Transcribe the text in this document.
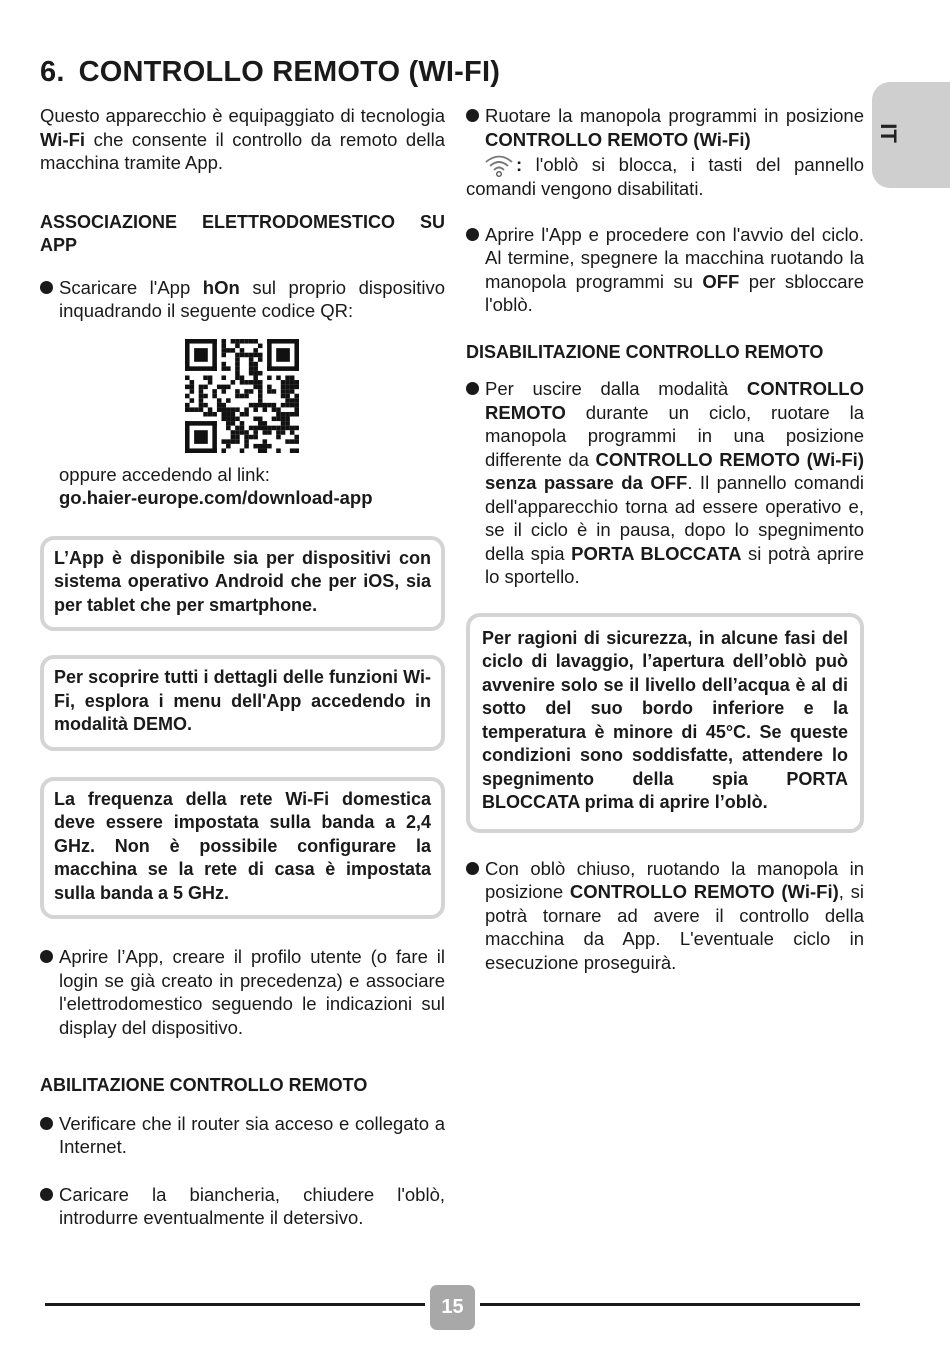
6. CONTROLLO REMOTO (WI-FI)
IT

Questo apparecchio è equipaggiato di tecnologia Wi-Fi che consente il controllo da remoto della macchina tramite App.

ASSOCIAZIONE ELETTRODOMESTICO SU APP

Scaricare l'App hOn sul proprio dispositivo inquadrando il seguente codice QR:

oppure accedendo al link:

go.haier-europe.com/download-app

L’App è disponibile sia per dispositivi con sistema operativo Android che per iOS, sia per tablet che per smartphone.
Per scoprire tutti i dettagli delle funzioni Wi-Fi, esplora i menu dell'App accedendo in modalità DEMO.
La frequenza della rete Wi-Fi domestica deve essere impostata sulla banda a 2,4 GHz. Non è possibile configurare la macchina se la rete di casa è impostata sulla banda a 5 GHz.
Aprire l’App, creare il profilo utente (o fare il login se già creato in precedenza) e associare l'elettrodomestico seguendo le indicazioni sul display del dispositivo.

ABILITAZIONE CONTROLLO REMOTO

Verificare che il router sia acceso e collegato a Internet.
Caricare la biancheria, chiudere l'oblò, introdurre eventualmente il detersivo.
Ruotare la manopola programmi in posizione CONTROLLO REMOTO (Wi-Fi)

: l'oblò si blocca, i tasti del pannello comandi vengono disabilitati.

Aprire l'App e procedere con l'avvio del ciclo. Al termine, spegnere la macchina ruotando la manopola programmi su OFF per sbloccare l'oblò.

DISABILITAZIONE CONTROLLO REMOTO

Per uscire dalla modalità CONTROLLO REMOTO durante un ciclo, ruotare la manopola programmi in una posizione differente da CONTROLLO REMOTO (Wi-Fi) senza passare da OFF. Il pannello comandi dell'apparecchio torna ad essere operativo e, se il ciclo è in pausa, dopo lo spegnimento della spia PORTA BLOCCATA si potrà aprire lo sportello.
Per ragioni di sicurezza, in alcune fasi del ciclo di lavaggio, l’apertura dell’oblò può avvenire solo se il livello dell’acqua è al di sotto del suo bordo inferiore e la temperatura è minore di 45°C. Se queste condizioni sono soddisfatte, attendere lo spegnimento della spia PORTA BLOCCATA prima di aprire l’oblò.
Con oblò chiuso, ruotando la manopola in posizione CONTROLLO REMOTO (Wi-Fi), si potrà tornare ad avere il controllo della macchina da App. L'eventuale ciclo in esecuzione proseguirà.
15
